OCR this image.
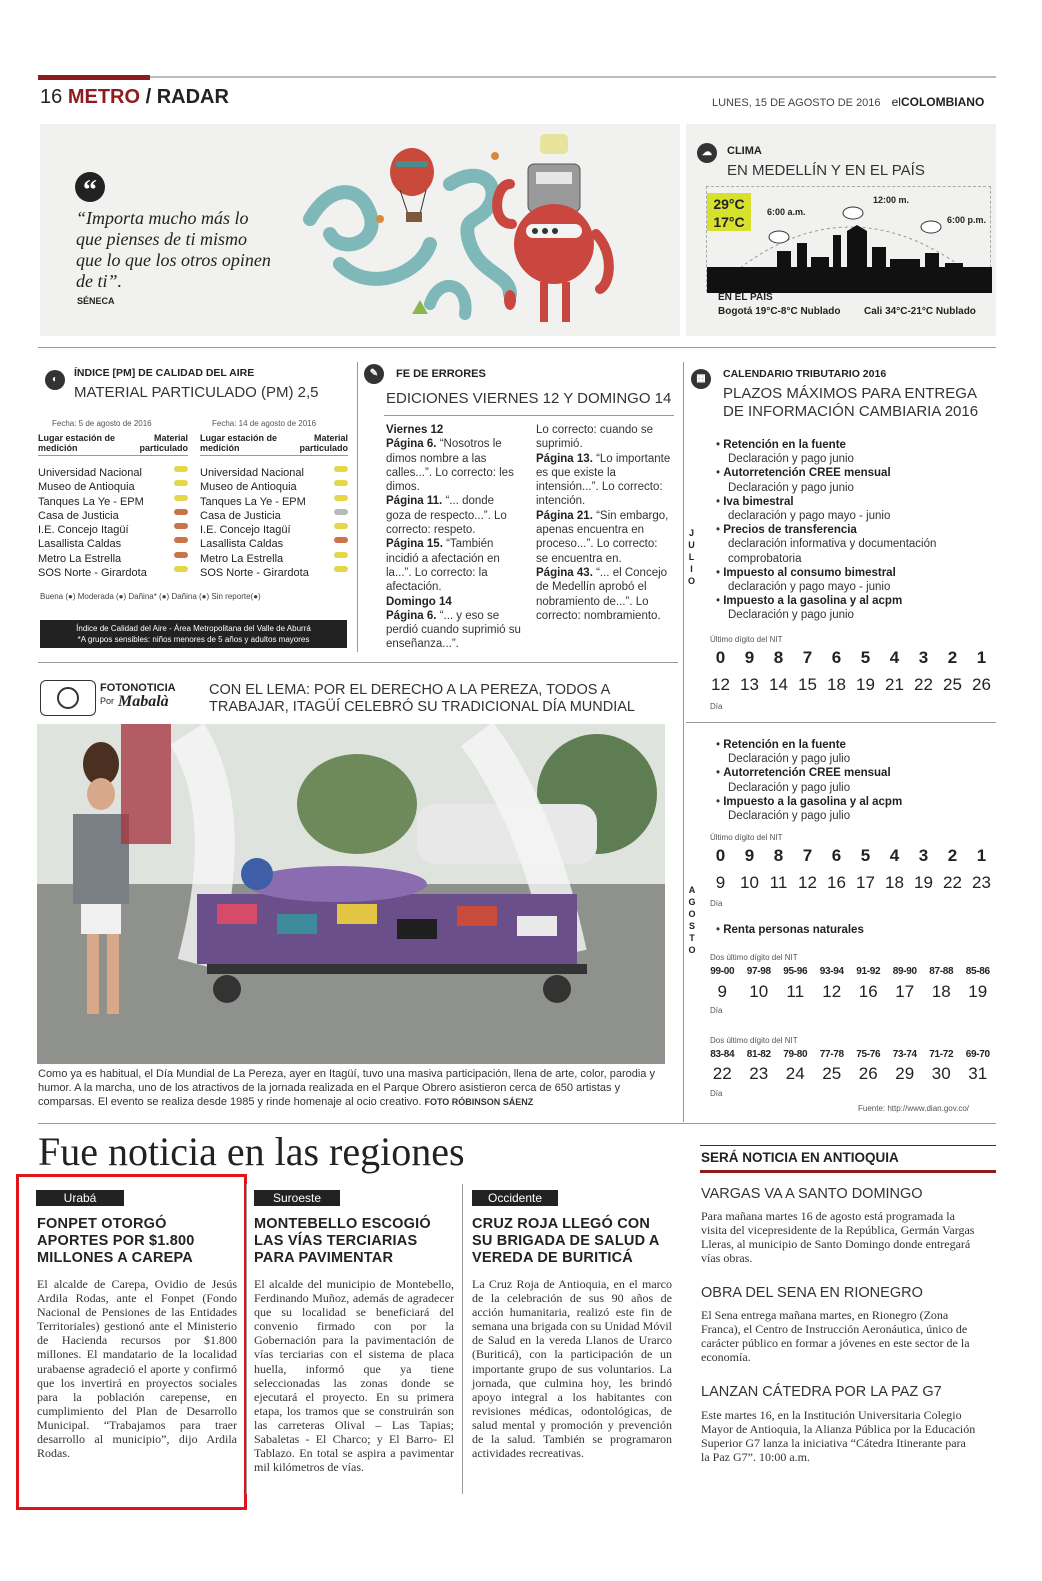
16 METRO / RADAR	LUNES, 15 DE AGOSTO DE 2016 elCOLOMBIANO
“
“Importa mucho más lo que pienses de ti mismo que lo que los otros opinen de ti”.
SÉNECA
☁	CLIMA
EN MEDELLÍN Y EN EL PAÍS
29°C
17°C
6:00 a.m.
12:00 m.
6:00 p.m.
EN EL PAÍS
Bogotá 19°C-8°C Nublado Cali 34°C-21°C Nublado
◐
ÍNDICE [PM] DE CALIDAD DEL AIRE
MATERIAL PARTICULADO (PM) 2,5
Fecha: 5 de agosto de 2016	Fecha: 14 de agosto de 2016
Lugar estación de medición
Material particulado
Universidad Nacional
Museo de Antioquia
Tanques La Ye - EPM
Casa de Justicia
I.E. Concejo Itagüí
Lasallista Caldas
Metro La Estrella
SOS Norte - Girardota
Lugar estación de medición
Material particulado
Universidad Nacional
Museo de Antioquia
Tanques La Ye - EPM
Casa de Justicia
I.E. Concejo Itagüí
Lasallista Caldas
Metro La Estrella
SOS Norte - Girardota
Buena (●) Moderada (●) Dañina* (●) Dañina (●) Sin reporte(●)
Índice de Calidad del Aire - Área Metropolitana del Valle de Aburrá
*A grupos sensibles: niños menores de 5 años y adultos mayores
✎	FE DE ERRORES
EDICIONES VIERNES 12 Y DOMINGO 14
Viernes 12
Página 6. “Nosotros le dimos nombre a las calles...”. Lo correcto: les dimos.
Página 11. “... donde goza de respecto...”. Lo correcto: respeto.
Página 15. “También incidió a afectación en la...”. Lo correcto: la afectación.
Domingo 14
Página 6. “... y eso se perdió cuando suprimió su enseñanza...”.
Lo correcto: cuando se suprimió.
Página 13. “Lo importante es que existe la intensión...”. Lo correcto: intención.
Página 21. “Sin embargo, apenas encuentra en proceso...”. Lo correcto: se encuentra en.
Página 43. “... el Concejo de Medellín aprobó el nobramiento de...”. Lo correcto: nombramiento.
▦	CALENDARIO TRIBUTARIO 2016
PLAZOS MÁXIMOS PARA ENTREGA DE INFORMACIÓN CAMBIARIA 2016
J
U
L
I
O
• Retención en la fuente
Declaración y pago junio
• Autorretención CREE mensual
Declaración y pago junio
• Iva bimestral
declaración y pago mayo - junio
• Precios de transferencia
declaración informativa y documentación comprobatoria
• Impuesto al consumo bimestral
declaración y pago mayo - junio
• Impuesto a la gasolina y al acpm
Declaración y pago junio
Último dígito del NIT
0	9	8	7	6	5	4	3	2	1
12 13 14 15 18 19 21 22 25 26
Día
A
G
O
S
T
O
• Retención en la fuente
Declaración y pago julio
• Autorretención CREE mensual
Declaración y pago julio
• Impuesto a la gasolina y al acpm
Declaración y pago julio
Último dígito del NIT
0	9	8	7	6	5	4	3	2	1
9 10 11 12 16 17 18 19 22 23
Día
• Renta personas naturales
Dos último dígito del NIT
99-00	97-98	95-96	93-94	91-92	89-90	87-88	85-86
9	10	11	12	16	17	18	19
Día
Dos último dígito del NIT
83-84	81-82	79-80	77-78	75-76	73-74	71-72	69-70
22	23	24	25	26	29	30	31
Día
Fuente: http://www.dian.gov.co/
FOTONOTICIA
Por Mabalà
CON EL LEMA: POR EL DERECHO A LA PEREZA, TODOS A TRABAJAR, ITAGÜÍ CELEBRÓ SU TRADICIONAL DÍA MUNDIAL
Como ya es habitual, el Día Mundial de La Pereza, ayer en Itagüí, tuvo una masiva participación, llena de arte, color, parodia y humor. A la marcha, uno de los atractivos de la jornada realizada en el Parque Obrero asistieron cerca de 650 artistas y comparsas. El evento se realiza desde 1985 y rinde homenaje al ocio creativo. FOTO RÓBINSON SÁENZ
Fue noticia en las regiones
Urabá
FONPET OTORGÓ APORTES POR $1.800 MILLONES A CAREPA
El alcalde de Carepa, Ovidio de Jesús Ardila Rodas, ante el Fonpet (Fondo Nacional de Pensiones de las Entidades Territoriales) gestionó ante el Ministerio de Hacienda recursos por $1.800 millones. El mandatario de la localidad urabaense agradeció el aporte y confirmó que los invertirá en proyectos sociales para la población carepense, en cumplimiento del Plan de Desarrollo Municipal. “Trabajamos para traer desarrollo al municipio”, dijo Ardila Rodas.
Suroeste
MONTEBELLO ESCOGIÓ LAS VÍAS TERCIARIAS PARA PAVIMENTAR
El alcalde del municipio de Montebello, Ferdinando Muñoz, además de agradecer que su localidad se beneficiará del convenio firmado con por la Gobernación para la pavimentación de vías terciarias con el sistema de placa huella, informó que ya tiene seleccionadas las zonas donde se ejecutará el proyecto. En su primera etapa, los tramos que se construirán son las carreteras Olival – Las Tapias; Sabaletas - El Charco; y El Barro- El Tablazo. En total se aspira a pavimentar mil kilómetros de vías.
Occidente
CRUZ ROJA LLEGÓ CON SU BRIGADA DE SALUD A VEREDA DE BURITICÁ
La Cruz Roja de Antioquia, en el marco de la celebración de sus 90 años de acción humanitaria, realizó este fin de semana una brigada con su Unidad Móvil de Salud en la vereda Llanos de Urarco (Buriticá), con la participación de un importante grupo de sus voluntarios. La jornada, que culmina hoy, les brindó apoyo integral a los habitantes con revisiones médicas, odontológicas, de salud mental y promoción y prevención de la salud. También se programaron actividades recreativas.
SERÁ NOTICIA EN ANTIOQUIA
VARGAS VA A SANTO DOMINGO
Para mañana martes 16 de agosto está programada la visita del vicepresidente de la República, Germán Vargas Lleras, al municipio de Santo Domingo donde entregará vías obras.
OBRA DEL SENA EN RIONEGRO
El Sena entrega mañana martes, en Rionegro (Zona Franca), el Centro de Instrucción Aeronáutica, único de carácter público en formar a jóvenes en este sector de la economía.
LANZAN CÁTEDRA POR LA PAZ G7
Este martes 16, en la Institución Universitaria Colegio Mayor de Antioquia, la Alianza Pública por la Educación Superior G7 lanza la iniciativa “Cátedra Itinerante para la Paz G7”. 10:00 a.m.
